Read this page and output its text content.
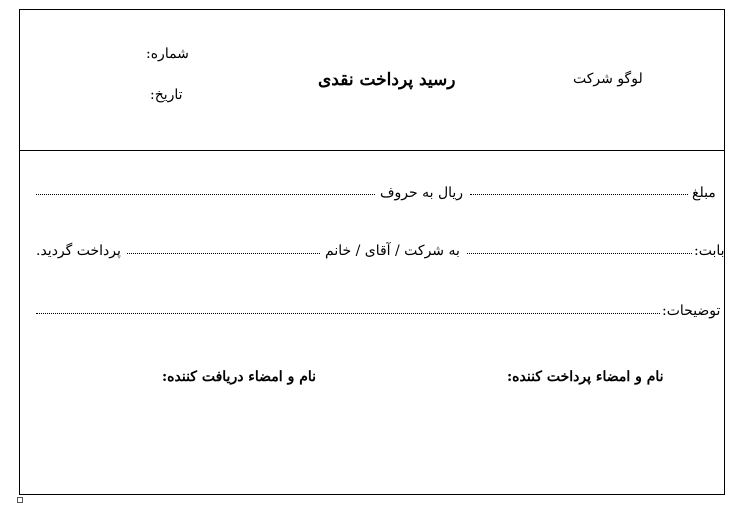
شماره:
تاریخ:
رسید پرداخت نقدی	لوگو شرکت
مبلغ
ریال به حروف
بابت:
به شرکت / آقای / خانم
پرداخت گردید.
توضیحات:
نام و امضاء پرداخت کننده:
نام و امضاء دریافت کننده:
